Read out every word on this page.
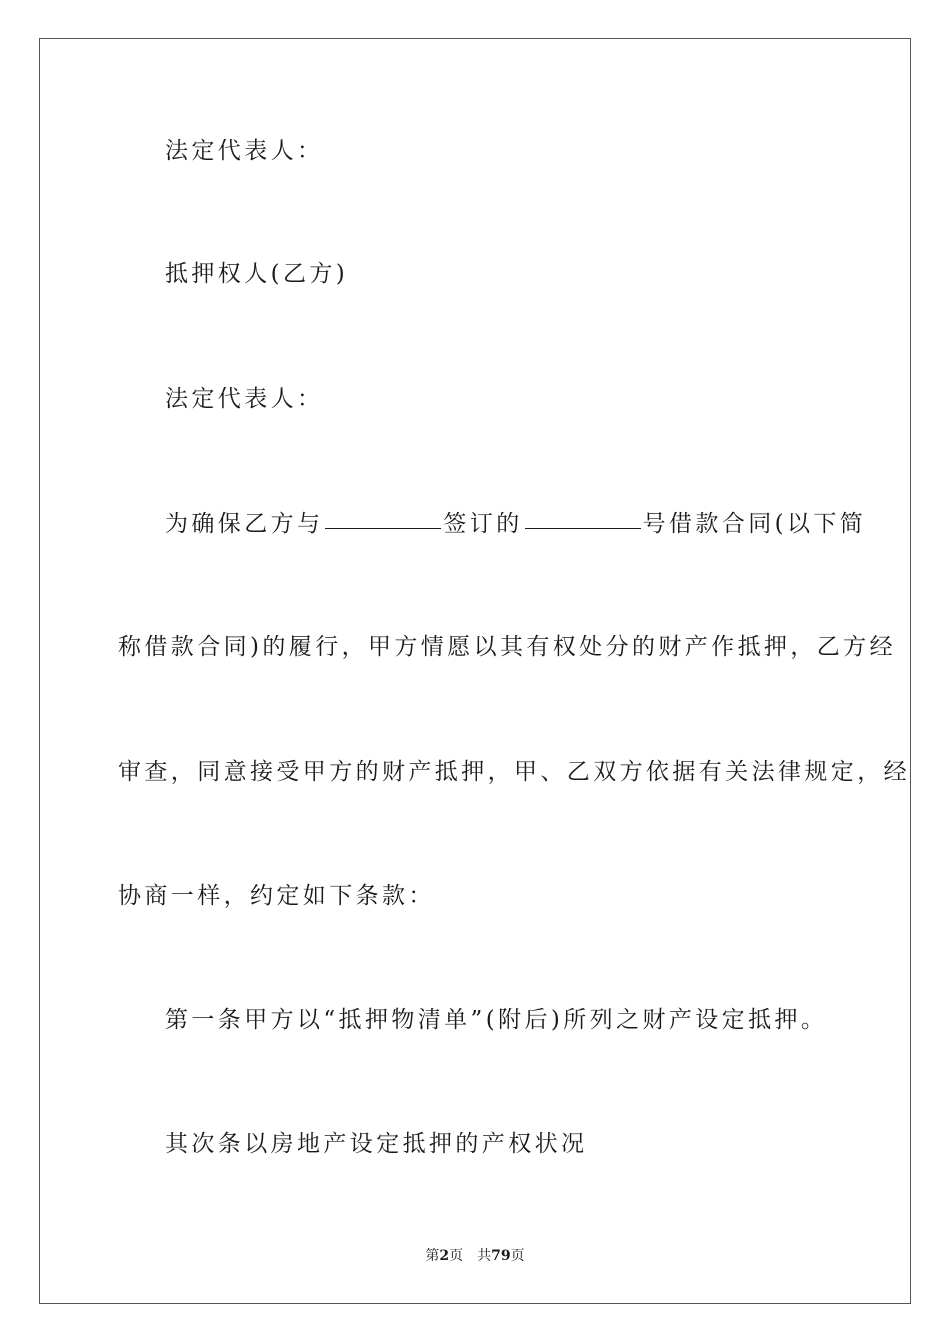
法定代表人：
抵押权人(乙方)
法定代表人：
为确保乙方与	签订的	号借款合同(以下简
称借款合同)的履行，甲方情愿以其有权处分的财产作抵押，乙方经
审查，同意接受甲方的财产抵押，甲、乙双方依据有关法律规定，经
协商一样，约定如下条款：
第一条甲方以“抵押物清单”(附后)所列之财产设定抵押。
其次条以房地产设定抵押的产权状况
第2页 共79页
